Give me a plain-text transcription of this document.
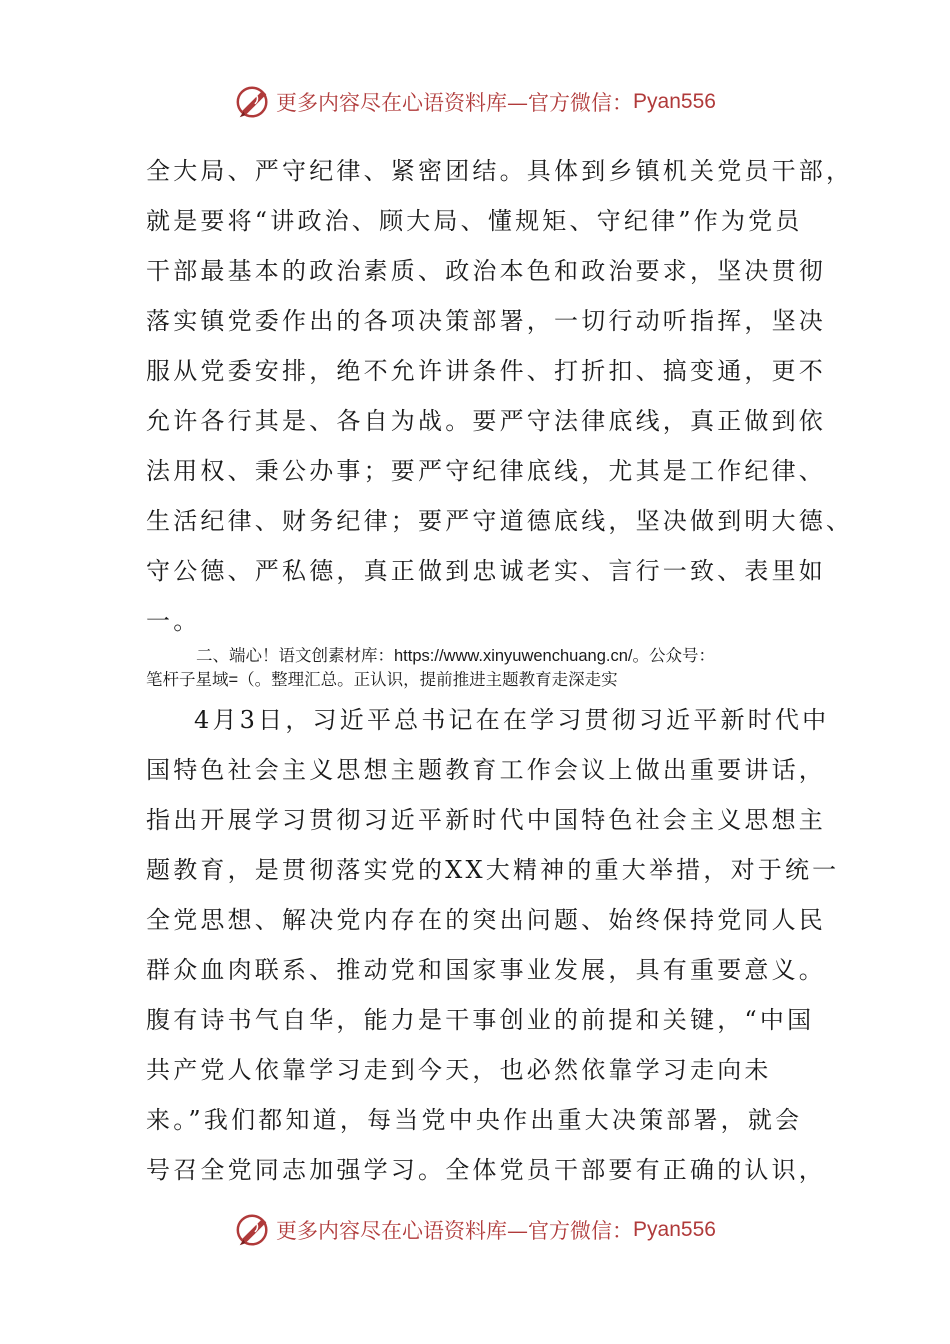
更多内容尽在心语资料库—官方微信： Pyan556
全大局、严守纪律、紧密团结。具体到乡镇机关党员干部，
就是要将“讲政治、顾大局、懂规矩、守纪律”作为党员
干部最基本的政治素质、政治本色和政治要求，坚决贯彻
落实镇党委作出的各项决策部署，一切行动听指挥，坚决
服从党委安排，绝不允许讲条件、打折扣、搞变通，更不
允许各行其是、各自为战。要严守法律底线，真正做到依
法用权、秉公办事；要严守纪律底线，尤其是工作纪律、
生活纪律、财务纪律；要严守道德底线，坚决做到明大德、
守公德、严私德，真正做到忠诚老实、言行一致、表里如
一。
二、端心！语文创素材库：https://www.xinyuwenchuang.cn/。公众号：
笔杆子星域=（。整理汇总。正认识，提前推进主题教育走深走实
4月3日，习近平总书记在在学习贯彻习近平新时代中
国特色社会主义思想主题教育工作会议上做出重要讲话，
指出开展学习贯彻习近平新时代中国特色社会主义思想主
题教育，是贯彻落实党的XX大精神的重大举措，对于统一
全党思想、解决党内存在的突出问题、始终保持党同人民
群众血肉联系、推动党和国家事业发展，具有重要意义。
腹有诗书气自华，能力是干事创业的前提和关键，“中国
共产党人依靠学习走到今天，也必然依靠学习走向未
来。”我们都知道，每当党中央作出重大决策部署，就会
号召全党同志加强学习。全体党员干部要有正确的认识，
更多内容尽在心语资料库—官方微信： Pyan556
